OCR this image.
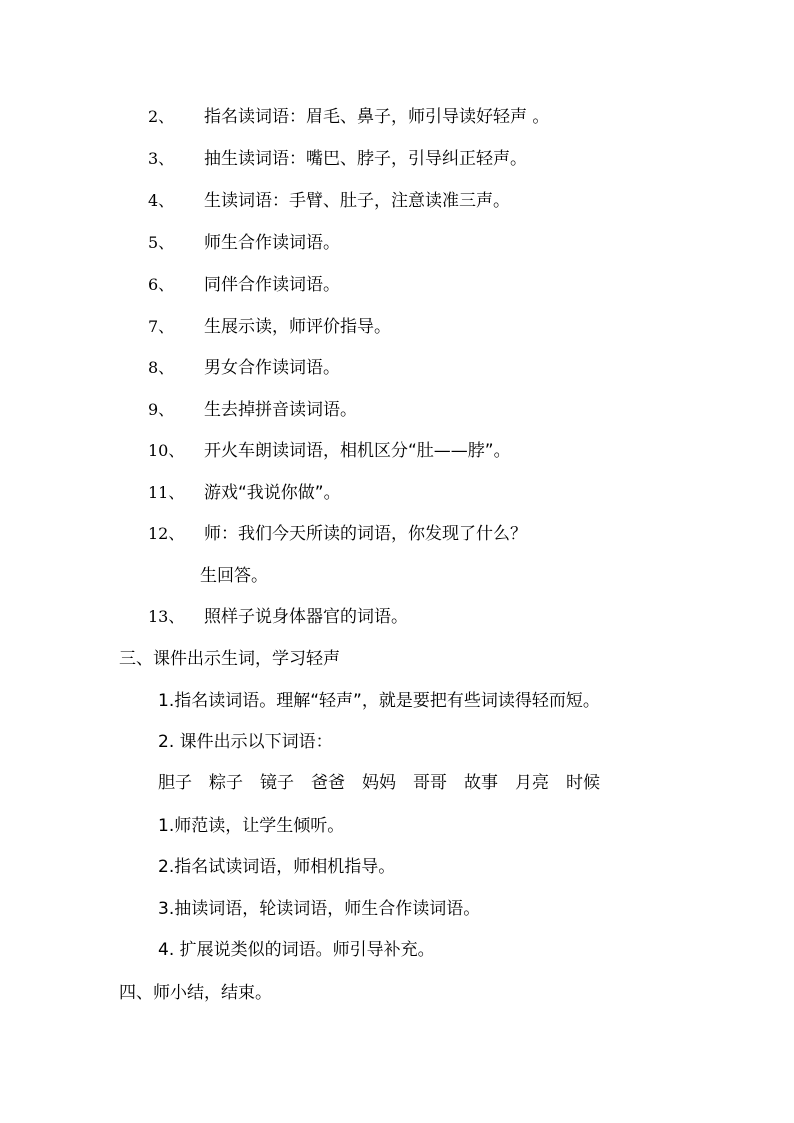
2、 指名读词语：眉毛、鼻子，师引导读好轻声 。
3、 抽生读词语：嘴巴、脖子，引导纠正轻声。
4、 生读词语：手臂、肚子，注意读准三声。
5、 师生合作读词语。
6、 同伴合作读词语。
7、 生展示读，师评价指导。
8、 男女合作读词语。
9、 生去掉拼音读词语。
10、 开火车朗读词语，相机区分“肚——脖”。
11、 游戏“我说你做”。
12、 师：我们今天所读的词语，你发现了什么？
生回答。
13、 照样子说身体器官的词语。
三、课件出示生词，学习轻声
1.指名读词语。理解“轻声”，就是要把有些词读得轻而短。
2. 课件出示以下词语：
胆子 粽子 镜子 爸爸 妈妈 哥哥 故事 月亮 时候
1.师范读，让学生倾听。
2.指名试读词语，师相机指导。
3.抽读词语，轮读词语，师生合作读词语。
4. 扩展说类似的词语。师引导补充。
四、师小结，结束。
